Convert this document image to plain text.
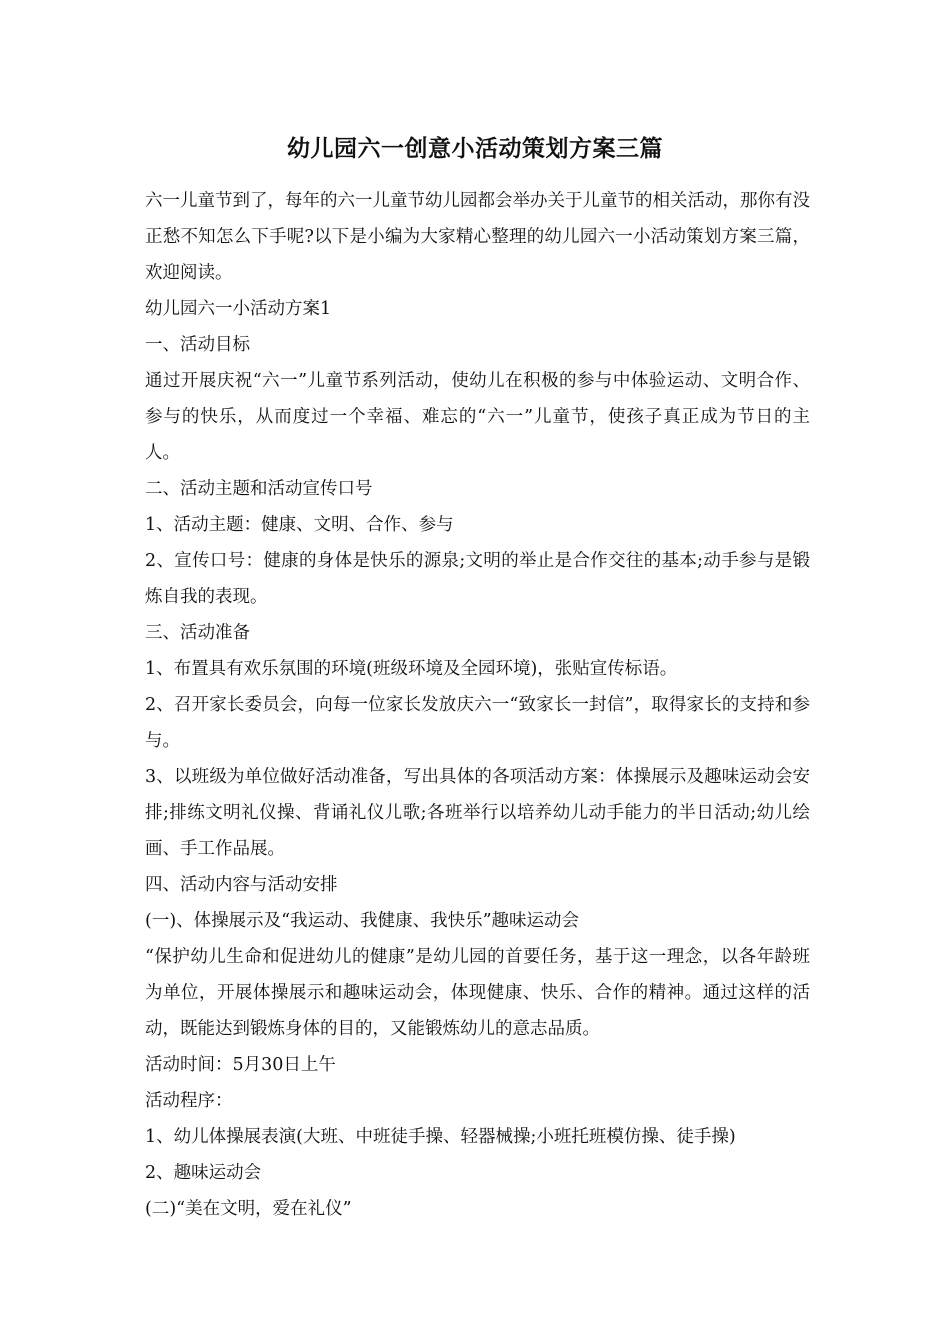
幼儿园六一创意小活动策划方案三篇

六一儿童节到了，每年的六一儿童节幼儿园都会举办关于儿童节的相关活动，那你有没正愁不知怎么下手呢?以下是小编为大家精心整理的幼儿园六一小活动策划方案三篇，欢迎阅读。

幼儿园六一小活动方案1

一、活动目标

通过开展庆祝“六一”儿童节系列活动，使幼儿在积极的参与中体验运动、文明合作、参与的快乐，从而度过一个幸福、难忘的“六一”儿童节，使孩子真正成为节日的主人。

二、活动主题和活动宣传口号

1、活动主题：健康、文明、合作、参与

2、宣传口号：健康的身体是快乐的源泉;文明的举止是合作交往的基本;动手参与是锻炼自我的表现。

三、活动准备

1、布置具有欢乐氛围的环境(班级环境及全园环境)，张贴宣传标语。

2、召开家长委员会，向每一位家长发放庆六一“致家长一封信”，取得家长的支持和参与。

3、以班级为单位做好活动准备，写出具体的各项活动方案：体操展示及趣味运动会安排;排练文明礼仪操、背诵礼仪儿歌;各班举行以培养幼儿动手能力的半日活动;幼儿绘画、手工作品展。

四、活动内容与活动安排

(一)、体操展示及“我运动、我健康、我快乐”趣味运动会

“保护幼儿生命和促进幼儿的健康”是幼儿园的首要任务，基于这一理念，以各年龄班为单位，开展体操展示和趣味运动会，体现健康、快乐、合作的精神。通过这样的活动，既能达到锻炼身体的目的，又能锻炼幼儿的意志品质。

活动时间：5月30日上午

活动程序：

1、幼儿体操展表演(大班、中班徒手操、轻器械操;小班托班模仿操、徒手操)

2、趣味运动会

(二)“美在文明，爱在礼仪”
